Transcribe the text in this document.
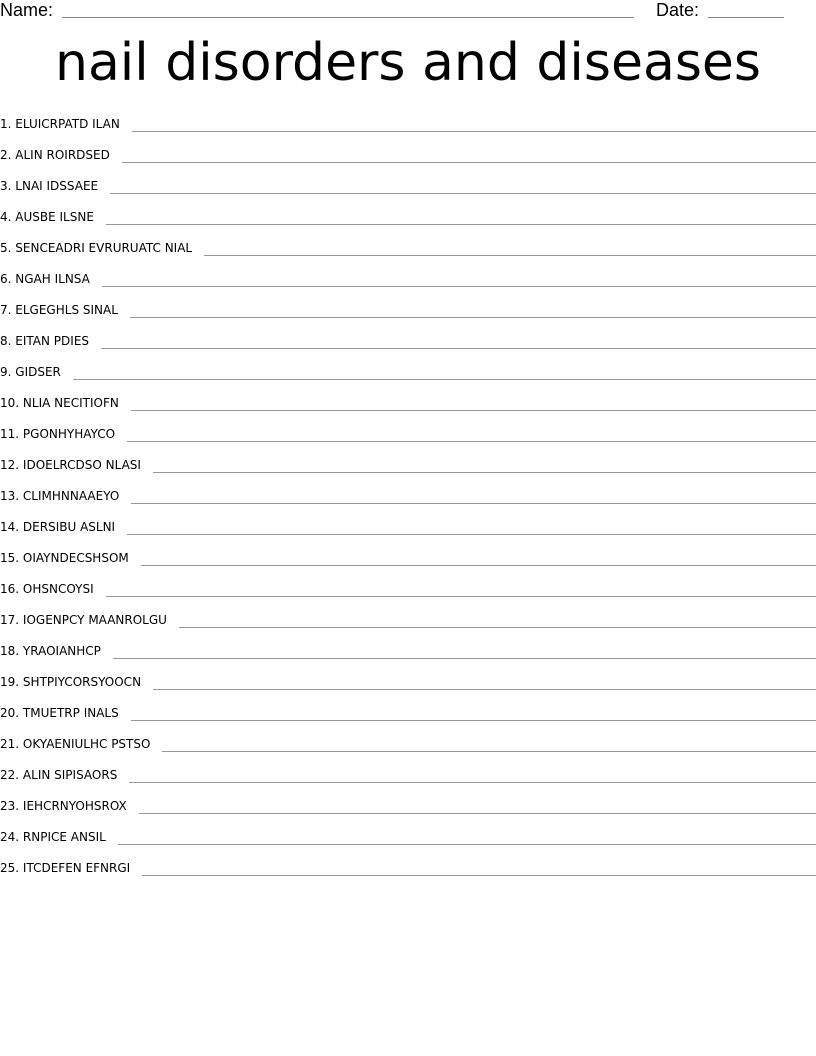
Name:	Date:
nail disorders and diseases
1. ELUICRPATD ILAN
2. ALIN ROIRDSED
3. LNAI IDSSAEE
4. AUSBE ILSNE
5. SENCEADRI EVRURUATC NIAL
6. NGAH ILNSA
7. ELGEGHLS SINAL
8. EITAN PDIES
9. GIDSER
10. NLIA NECITIOFN
11. PGONHYHAYCO
12. IDOELRCDSO NLASI
13. CLIMHNNAAEYO
14. DERSIBU ASLNI
15. OIAYNDECSHSOM
16. OHSNCOYSI
17. IOGENPCY MAANROLGU
18. YRAOIANHCP
19. SHTPIYCORSYOOCN
20. TMUETRP INALS
21. OKYAENIULHC PSTSO
22. ALIN SIPISAORS
23. IEHCRNYOHSROX
24. RNPICE ANSIL
25. ITCDEFEN EFNRGI
